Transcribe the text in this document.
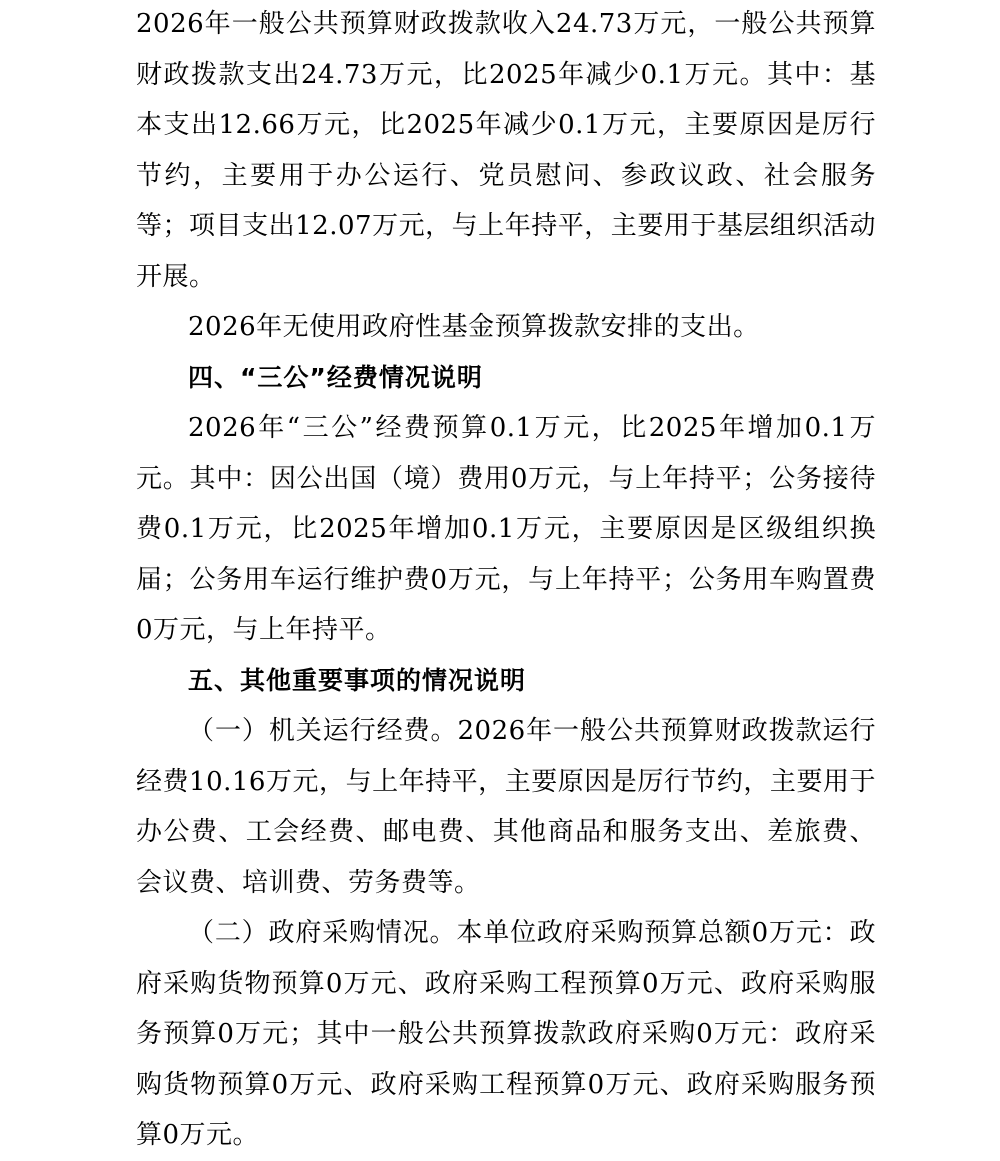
2026年一般公共预算财政拨款收入24.73万元，一般公共预算财政拨款支出24.73万元，比2025年减少0.1万元。其中：基本支出12.66万元，比2025年减少0.1万元，主要原因是厉行节约，主要用于办公运行、党员慰问、参政议政、社会服务等；项目支出12.07万元，与上年持平，主要用于基层组织活动开展。

2026年无使用政府性基金预算拨款安排的支出。

四、“三公”经费情况说明

2026年“三公”经费预算0.1万元，比2025年增加0.1万元。其中：因公出国（境）费用0万元，与上年持平；公务接待费0.1万元，比2025年增加0.1万元，主要原因是区级组织换届；公务用车运行维护费0万元，与上年持平；公务用车购置费0万元，与上年持平。

五、其他重要事项的情况说明

（一）机关运行经费。2026年一般公共预算财政拨款运行经费10.16万元，与上年持平，主要原因是厉行节约，主要用于办公费、工会经费、邮电费、其他商品和服务支出、差旅费、会议费、培训费、劳务费等。

（二）政府采购情况。本单位政府采购预算总额0万元：政府采购货物预算0万元、政府采购工程预算0万元、政府采购服务预算0万元；其中一般公共预算拨款政府采购0万元：政府采购货物预算0万元、政府采购工程预算0万元、政府采购服务预算0万元。
